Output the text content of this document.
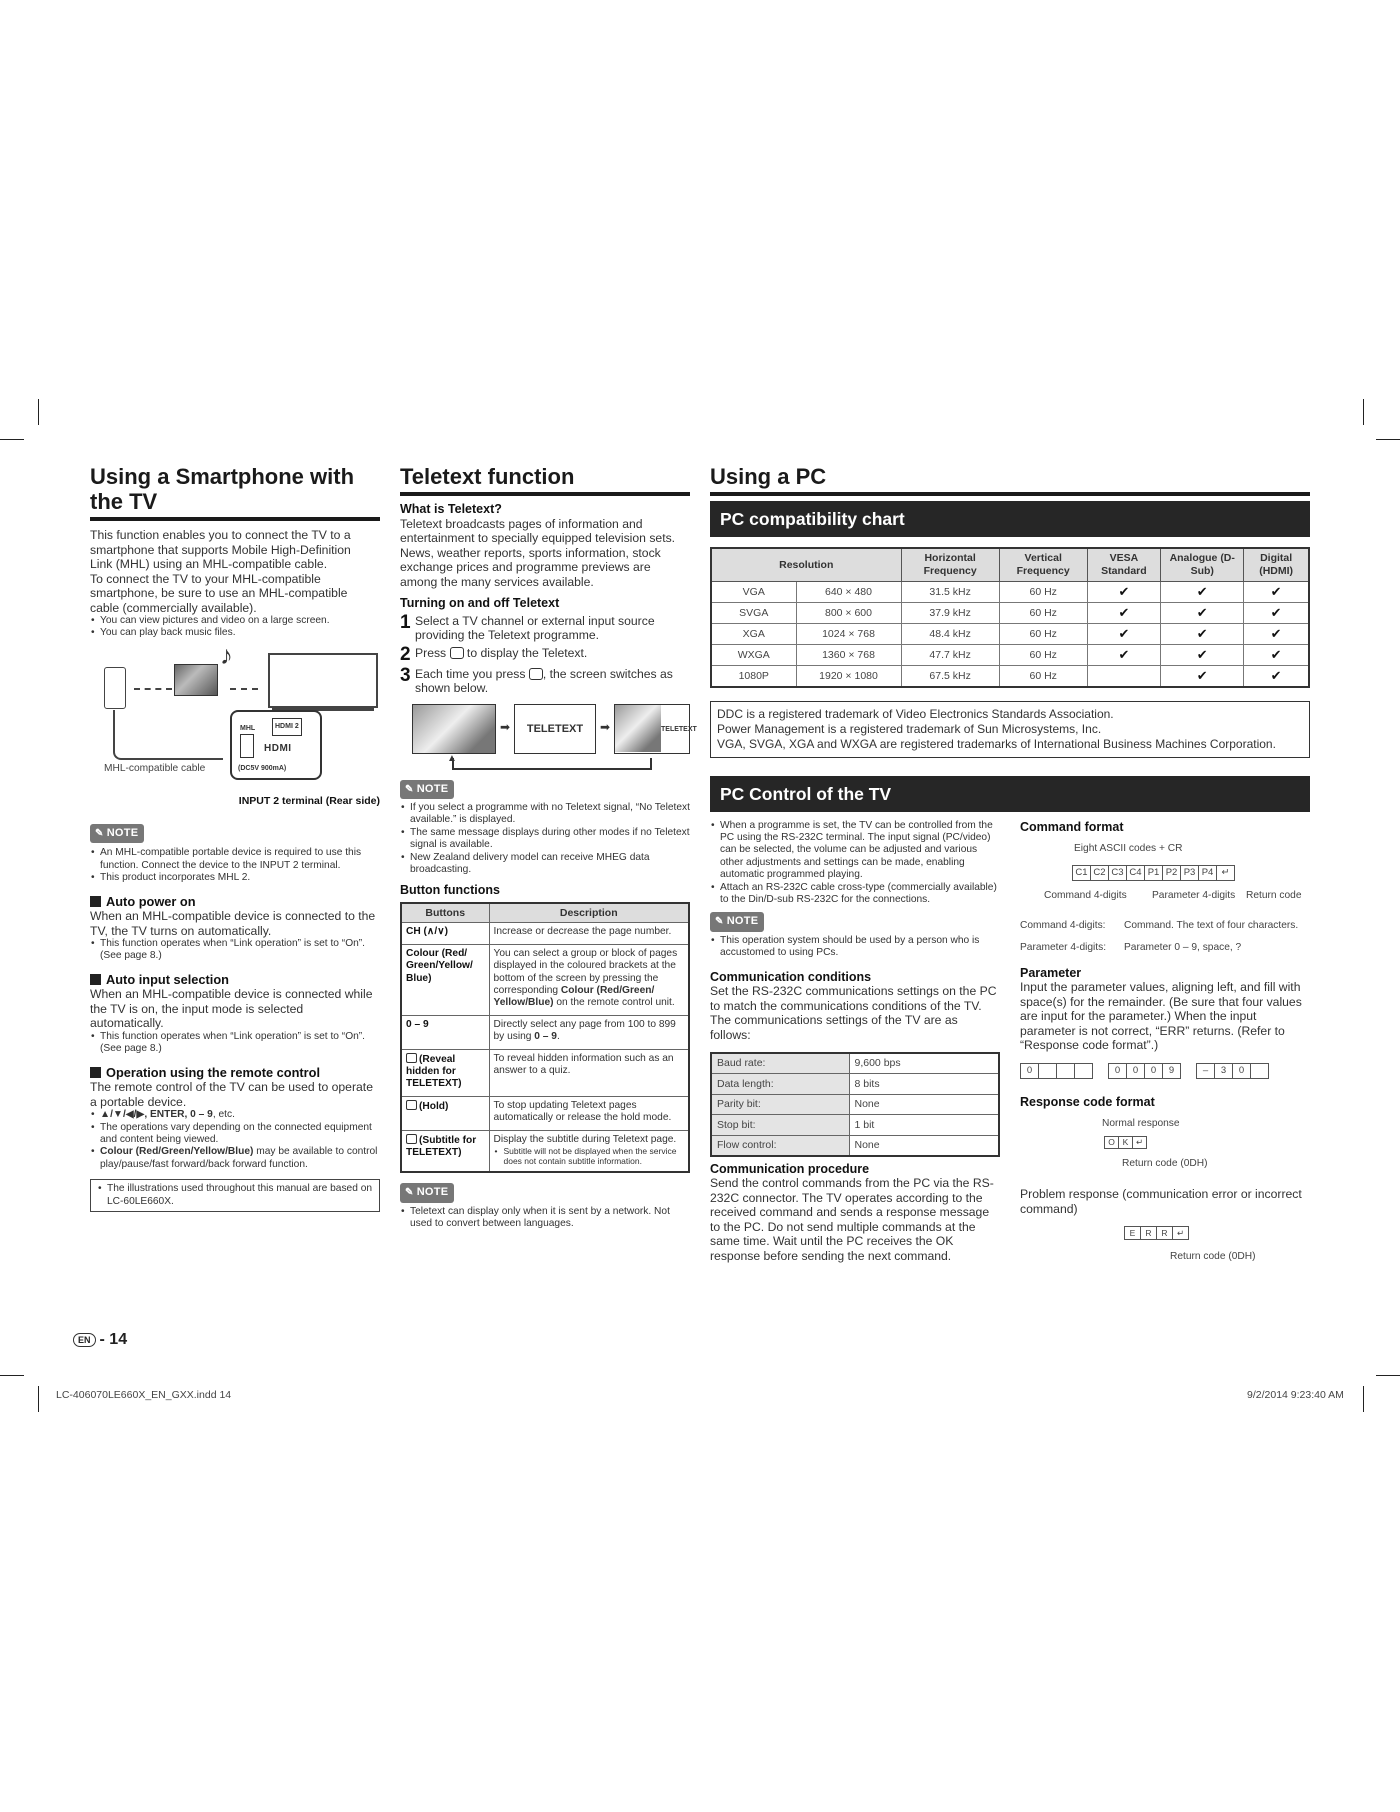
Using a Smartphone with
the TV

This function enables you to connect the TV to a
smartphone that supports Mobile High-Definition
Link (MHL) using an MHL-compatible cable.
To connect the TV to your MHL-compatible
smartphone, be sure to use an MHL-compatible
cable (commercially available).

• You can view pictures and video on a large screen.
• You can play back music files.
♪
MHL	HDMI 2
HDMI
(DC5V 900mA)
MHL-compatible cable
INPUT 2 terminal (Rear side)
✎ NOTE
• An MHL-compatible portable device is required to use this function. Connect the device to the INPUT 2 terminal.
• This product incorporates MHL 2.
Auto power on

When an MHL-compatible device is connected to the TV, the TV turns on automatically.

• This function operates when “Link operation” is set to “On”. (See page 8.)
Auto input selection

When an MHL-compatible device is connected while the TV is on, the input mode is selected automatically.

• This function operates when “Link operation” is set to “On”. (See page 8.)
Operation using the remote control

The remote control of the TV can be used to operate a portable device.

• ▲/▼/◀/▶, ENTER, 0 – 9, etc.
• The operations vary depending on the connected equipment and content being viewed.
• Colour (Red/Green/Yellow/Blue) may be available to control play/pause/fast forward/back forward function.
• The illustrations used throughout this manual are based on LC-60LE660X.
Teletext function
What is Teletext?

Teletext broadcasts pages of information and entertainment to specially equipped television sets. News, weather reports, sports information, stock exchange prices and programme previews are among the many services available.

Turning on and off Teletext
1 Select a TV channel or external input source providing the Teletext programme.
2 Press  to display the Teletext.
3 Each time you press , the screen switches as shown below.
➡	TELETEXT	➡	TELETEXT
▲
✎ NOTE
• If you select a programme with no Teletext signal, “No Teletext available.” is displayed.
• The same message displays during other modes if no Teletext signal is available.
• New Zealand delivery model can receive MHEG data broadcasting.
Button functions
Buttons	Description
CH (∧/∨)	Increase or decrease the page number.
Colour (Red/ Green/Yellow/ Blue)	You can select a group or block of pages displayed in the coloured brackets at the bottom of the screen by pressing the corresponding Colour (Red/Green/ Yellow/Blue) on the remote control unit.
0 – 9	Directly select any page from 100 to 899 by using 0 – 9.
(Reveal hidden for TELETEXT)	To reveal hidden information such as an answer to a quiz.
(Hold)	To stop updating Teletext pages automatically or release the hold mode.
(Subtitle for TELETEXT)	Display the subtitle during Teletext page.
• Subtitle will not be displayed when the service does not contain subtitle information.
✎ NOTE
• Teletext can display only when it is sent by a network. Not used to convert between languages.
Using a PC
PC compatibility chart
Resolution		Horizontal Frequency	Vertical Frequency	VESA Standard	Analogue (D-Sub)	Digital (HDMI)
VGA	640 × 480	31.5 kHz	60 Hz	✔	✔	✔
SVGA	800 × 600	37.9 kHz	60 Hz	✔	✔	✔
XGA	1024 × 768	48.4 kHz	60 Hz	✔	✔	✔
WXGA	1360 × 768	47.7 kHz	60 Hz	✔	✔	✔
1080P	1920 × 1080	67.5 kHz	60 Hz		✔	✔
DDC is a registered trademark of Video Electronics Standards Association.
Power Management is a registered trademark of Sun Microsystems, Inc.
VGA, SVGA, XGA and WXGA are registered trademarks of International Business Machines Corporation.
PC Control of the TV
• When a programme is set, the TV can be controlled from the PC using the RS-232C terminal. The input signal (PC/video) can be selected, the volume can be adjusted and various other adjustments and settings can be made, enabling automatic programmed playing.
• Attach an RS-232C cable cross-type (commercially available) to the Din/D-sub RS-232C for the connections.
✎ NOTE
• This operation system should be used by a person who is accustomed to using PCs.
Communication conditions

Set the RS-232C communications settings on the PC to match the communications conditions of the TV. The communications settings of the TV are as follows:

Baud rate:	9,600 bps
Data length:	8 bits
Parity bit:	None
Stop bit:	1 bit
Flow control:	None
Communication procedure

Send the control commands from the PC via the RS-232C connector. The TV operates according to the received command and sends a response message to the PC. Do not send multiple commands at the same time. Wait until the PC receives the OK response before sending the next command.

Command format
Eight ASCII codes + CR
C1 C2 C3 C4 P1 P2 P3 P4 ↵
Command 4-digits Parameter 4-digits Return code
Command 4-digits:	Command. The text of four characters.
Parameter 4-digits:	Parameter 0 – 9, space, ?
Parameter

Input the parameter values, aligning left, and fill with space(s) for the remainder. (Be sure that four values are input for the parameter.) When the input parameter is not correct, “ERR” returns. (Refer to “Response code format”.)

0	0	0	0	9	–	3	0
Response code format
Normal response
O K ↵
Return code (0DH)

Problem response (communication error or incorrect command)

E	R	R	↵
Return code (0DH)
EN - 14
LC-406070LE660X_EN_GXX.indd 14	9/2/2014 9:23:40 AM
